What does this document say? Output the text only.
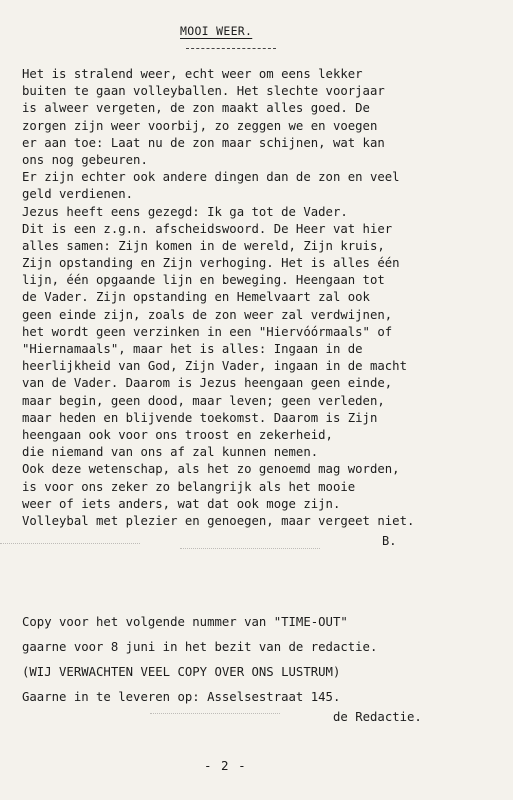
MOOI WEER.
Het is stralend weer, echt weer om eens lekker
buiten te gaan volleyballen. Het slechte voorjaar
is alweer vergeten, de zon maakt alles goed. De
zorgen zijn weer voorbij, zo zeggen we en voegen
er aan toe: Laat nu de zon maar schijnen, wat kan
ons nog gebeuren.
Er zijn echter ook andere dingen dan de zon en veel
geld verdienen.
Jezus heeft eens gezegd: Ik ga tot de Vader.
Dit is een z.g.n. afscheidswoord. De Heer vat hier
alles samen: Zijn komen in de wereld, Zijn kruis,
Zijn opstanding en Zijn verhoging. Het is alles één
lijn, één opgaande lijn en beweging. Heengaan tot
de Vader. Zijn opstanding en Hemelvaart zal ook
geen einde zijn, zoals de zon weer zal verdwijnen,
het wordt geen verzinken in een "Hiervóórmaals" of
"Hiernamaals", maar het is alles: Ingaan in de
heerlijkheid van God, Zijn Vader, ingaan in de macht
van de Vader. Daarom is Jezus heengaan geen einde,
maar begin, geen dood, maar leven; geen verleden,
maar heden en blijvende toekomst. Daarom is Zijn
heengaan ook voor ons troost en zekerheid,
die niemand van ons af zal kunnen nemen.
Ook deze wetenschap, als het zo genoemd mag worden,
is voor ons zeker zo belangrijk als het mooie
weer of iets anders, wat dat ook moge zijn.
Volleybal met plezier en genoegen, maar vergeet niet.
B.
Copy voor het volgende nummer van "TIME-OUT"
gaarne voor 8 juni in het bezit van de redactie.
(WIJ VERWACHTEN VEEL COPY OVER ONS LUSTRUM)
Gaarne in te leveren op: Asselsestraat 145.
de Redactie.
- 2 -
